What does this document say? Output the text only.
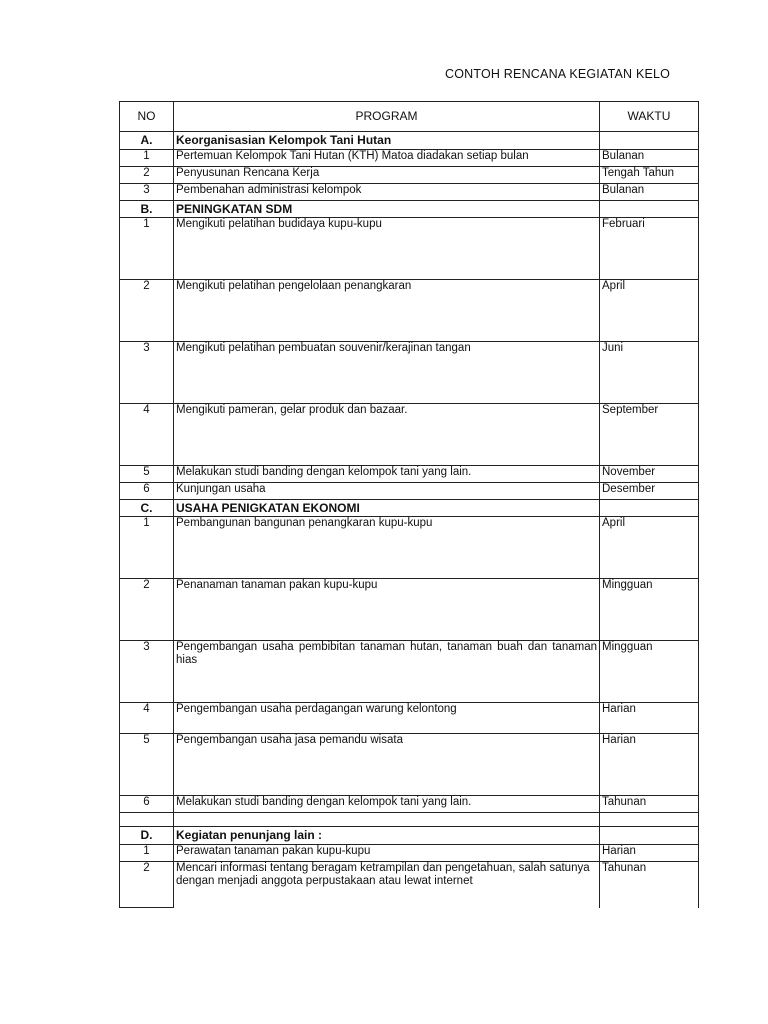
CONTOH RENCANA KEGIATAN KELO
NO	PROGRAM	WAKTU
A.	Keorganisasian Kelompok Tani Hutan	
1	Pertemuan Kelompok Tani Hutan (KTH) Matoa diadakan setiap bulan	Bulanan
2	Penyusunan Rencana Kerja	Tengah Tahun
3	Pembenahan administrasi kelompok	Bulanan
B.	PENINGKATAN SDM	
1	Mengikuti pelatihan budidaya kupu-kupu	Februari
2	Mengikuti pelatihan pengelolaan penangkaran	April
3	Mengikuti pelatihan pembuatan souvenir/kerajinan tangan	Juni
4	Mengikuti pameran, gelar produk dan bazaar.	September
5	Melakukan studi banding dengan kelompok tani yang lain.	November
6	Kunjungan usaha	Desember
C.	USAHA PENIGKATAN EKONOMI	
1	Pembangunan bangunan penangkaran kupu-kupu	April
2	Penanaman tanaman pakan kupu-kupu	Mingguan
3	Pengembangan usaha pembibitan tanaman hutan, tanaman buah dan tanaman hias	Mingguan
4	Pengembangan usaha perdagangan warung kelontong	Harian
5	Pengembangan usaha jasa pemandu wisata	Harian
6	Melakukan studi banding dengan kelompok tani yang lain.	Tahunan

D.	Kegiatan penunjang lain :	
1	Perawatan tanaman pakan kupu-kupu	Harian
2	Mencari informasi tentang beragam ketrampilan dan pengetahuan, salah satunya dengan menjadi anggota perpustakaan atau lewat internet	Tahunan
